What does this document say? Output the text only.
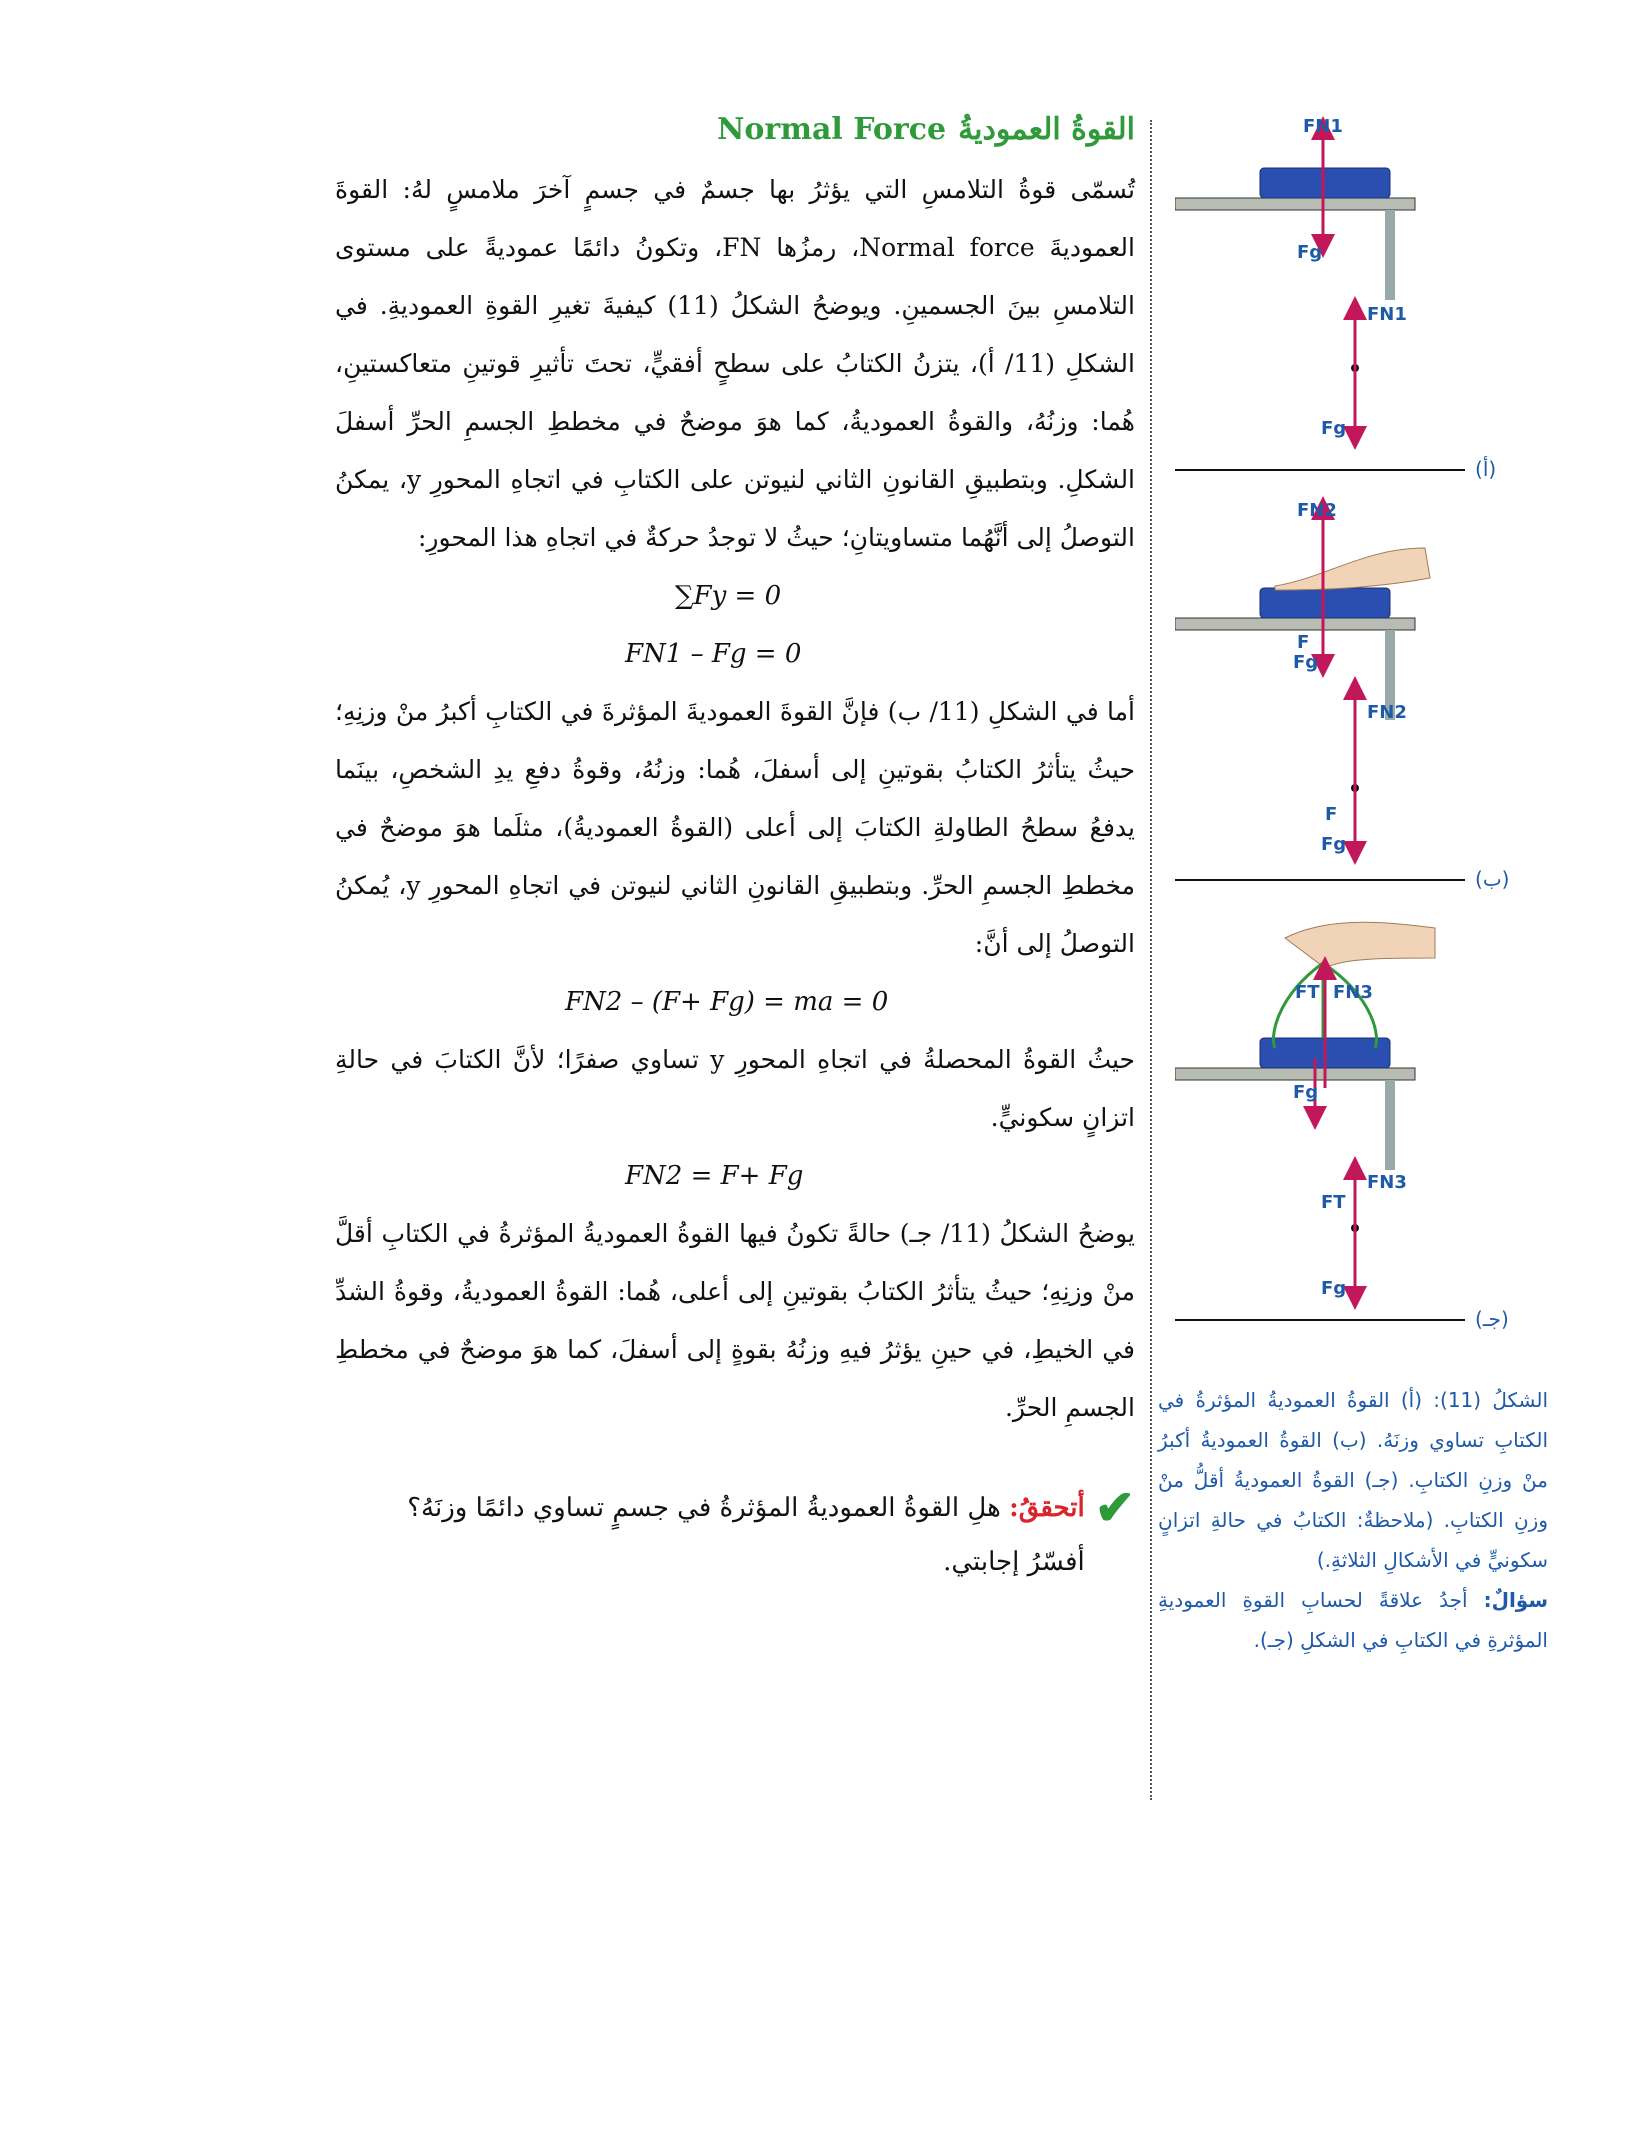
القوةُ العموديةُ
Normal Force

تُسمّى قوةُ التلامسِ التي يؤثرُ بها جسمٌ في جسمٍ آخرَ ملامسٍ لهُ: القوةَ العموديةَ Normal force، رمزُها FN، وتكونُ دائمًا عموديةً على مستوى التلامسِ بينَ الجسمينِ. ويوضحُ الشكلُ (11) كيفيةَ تغيرِ القوةِ العموديةِ. في الشكلِ (11/ أ)، يتزنُ الكتابُ على سطحٍ أفقيٍّ، تحتَ تأثيرِ قوتينِ متعاكستينِ، هُما: وزنُهُ، والقوةُ العموديةُ، كما هوَ موضحٌ في مخططِ الجسمِ الحرِّ أسفلَ الشكلِ. وبتطبيقِ القانونِ الثاني لنيوتن على الكتابِ في اتجاهِ المحورِ y، يمكنُ التوصلُ إلى أنَّهُما متساويتانِ؛ حيثُ لا توجدُ حركةٌ في اتجاهِ هذا المحورِ:

∑Fy = 0
FN1 – Fg = 0

أما في الشكلِ (11/ ب) فإنَّ القوةَ العموديةَ المؤثرةَ في الكتابِ أكبرُ منْ وزنِهِ؛ حيثُ يتأثرُ الكتابُ بقوتينِ إلى أسفلَ، هُما: وزنُهُ، وقوةُ دفعِ يدِ الشخصِ، بينَما يدفعُ سطحُ الطاولةِ الكتابَ إلى أعلى (القوةُ العموديةُ)، مثلَما هوَ موضحٌ في مخططِ الجسمِ الحرِّ. وبتطبيقِ القانونِ الثاني لنيوتن في اتجاهِ المحورِ y، يُمكنُ التوصلُ إلى أنَّ:

FN2 – (F+ Fg) = ma = 0

حيثُ القوةُ المحصلةُ في اتجاهِ المحورِ y تساوي صفرًا؛ لأنَّ الكتابَ في حالةِ اتزانٍ سكونيٍّ.

FN2 = F+ Fg

يوضحُ الشكلُ (11/ جـ) حالةً تكونُ فيها القوةُ العموديةُ المؤثرةُ في الكتابِ أقلَّ منْ وزنِهِ؛ حيثُ يتأثرُ الكتابُ بقوتينِ إلى أعلى، هُما: القوةُ العموديةُ، وقوةُ الشدِّ في الخيطِ، في حينِ يؤثرُ فيهِ وزنُهُ بقوةٍ إلى أسفلَ، كما هوَ موضحٌ في مخططِ الجسمِ الحرِّ.

✔
أتحققُ: هلِ القوةُ العموديةُ المؤثرةُ في جسمٍ تساوي دائمًا وزنَهُ؟
أفسّرُ إجابتي.
FN1
Fg
FN1
Fg
(أ)
FN2
F
Fg
FN2
F
Fg
(ب)
FT FN3
Fg
FT
FN3
Fg
(جـ)
الشكلُ (11): (أ) القوةُ العموديةُ المؤثرةُ في الكتابِ تساوي وزنَهُ. (ب) القوةُ العموديةُ أكبرُ منْ وزنِ الكتابِ. (جـ) القوةُ العموديةُ أقلُّ منْ وزنِ الكتابِ. (ملاحظةٌ: الكتابُ في حالةِ اتزانٍ سكونيٍّ في الأشكالِ الثلاثةِ.)
سؤالٌ: أجدُ علاقةً لحسابِ القوةِ العموديةِ المؤثرةِ في الكتابِ في الشكلِ (جـ).
